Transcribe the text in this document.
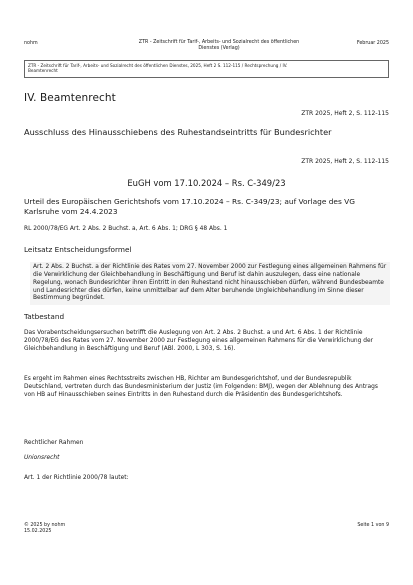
nohm	ZTR - Zeitschrift für Tarif-, Arbeits- und Sozialrecht des öffentlichen
Dienstes (Verlag)
Februar 2025
ZTR - Zeitschrift für Tarif-, Arbeits- und Sozialrecht des öffentlichen Dienstes, 2025, Heft 2 S. 112-115 / Rechtsprechung / IV.
Beamtenrecht
IV. Beamtenrecht
ZTR 2025, Heft 2, S. 112-115
Ausschluss des Hinausschiebens des Ruhestandseintritts für Bundesrichter
ZTR 2025, Heft 2, S. 112-115
EuGH vom 17.10.2024 – Rs. C-349/23
Urteil des Europäischen Gerichtshofs vom 17.10.2024 – Rs. C-349/23; auf Vorlage des VG Karlsruhe vom 24.4.2023
RL 2000/78/EG Art. 2 Abs. 2 Buchst. a, Art. 6 Abs. 1; DRG § 48 Abs. 1
Leitsatz Entscheidungsformel
Art. 2 Abs. 2 Buchst. a der Richtlinie des Rates vom 27. November 2000 zur Festlegung eines allgemeinen Rahmens für die Verwirklichung der Gleichbehandlung in Beschäftigung und Beruf ist dahin auszulegen, dass eine nationale Regelung, wonach Bundesrichter ihren Eintritt in den Ruhestand nicht hinausschieben dürfen, während Bundesbeamte und Landesrichter dies dürfen, keine unmittelbar auf dem Alter beruhende Ungleichbehandlung im Sinne dieser Bestimmung begründet.
Tatbestand
Das Vorabentscheidungsersuchen betrifft die Auslegung von Art. 2 Abs. 2 Buchst. a und Art. 6 Abs. 1 der Richtlinie 2000/78/EG des Rates vom 27. November 2000 zur Festlegung eines allgemeinen Rahmens für die Verwirklichung der Gleichbehandlung in Beschäftigung und Beruf (ABl. 2000, L 303, S. 16).
Es ergeht im Rahmen eines Rechtsstreits zwischen HB, Richter am Bundesgerichtshof, und der Bundesrepublik Deutschland, vertreten durch das Bundesministerium der Justiz (im Folgenden: BMJ), wegen der Ablehnung des Antrags von HB auf Hinausschieben seines Eintritts in den Ruhestand durch die Präsidentin des Bundesgerichtshofs.
Rechtlicher Rahmen
Unionsrecht
Art. 1 der Richtlinie 2000/78 lautet:
© 2025 by nohm
15.02.2025
Seite 1 von 9
